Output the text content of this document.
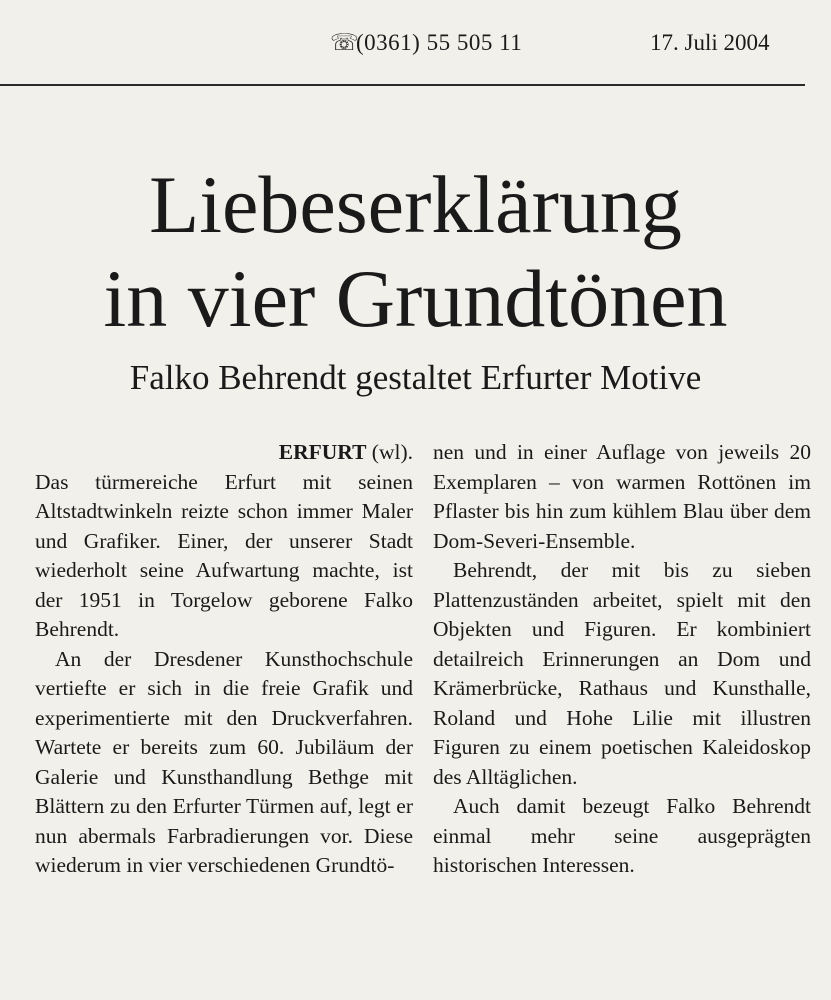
☏(0361) 55 505 11	17. Juli 2004
Liebeserklärung
in vier Grundtönen
Falko Behrendt gestaltet Erfurter Motive
ERFURT (wl).

Das türmereiche Erfurt mit seinen Altstadtwinkeln reizte schon immer Maler und Grafiker. Einer, der unserer Stadt wiederholt seine Aufwartung machte, ist der 1951 in Torgelow geborene Falko Behrendt.

An der Dresdener Kunsthochschule vertiefte er sich in die freie Grafik und experimentierte mit den Druckverfahren. Wartete er bereits zum 60. Jubiläum der Galerie und Kunsthandlung Bethge mit Blättern zu den Erfurter Türmen auf, legt er nun abermals Farbradierungen vor. Diese wiederum in vier verschiedenen Grundtö-

nen und in einer Auflage von jeweils 20 Exemplaren – von warmen Rottönen im Pflaster bis hin zum kühlem Blau über dem Dom-Severi-Ensemble.

Behrendt, der mit bis zu sieben Plattenzuständen arbeitet, spielt mit den Objekten und Figuren. Er kombiniert detailreich Erinnerungen an Dom und Krämerbrücke, Rathaus und Kunsthalle, Roland und Hohe Lilie mit illustren Figuren zu einem poetischen Kaleidoskop des Alltäglichen.

Auch damit bezeugt Falko Behrendt einmal mehr seine ausgeprägten historischen Interessen.
